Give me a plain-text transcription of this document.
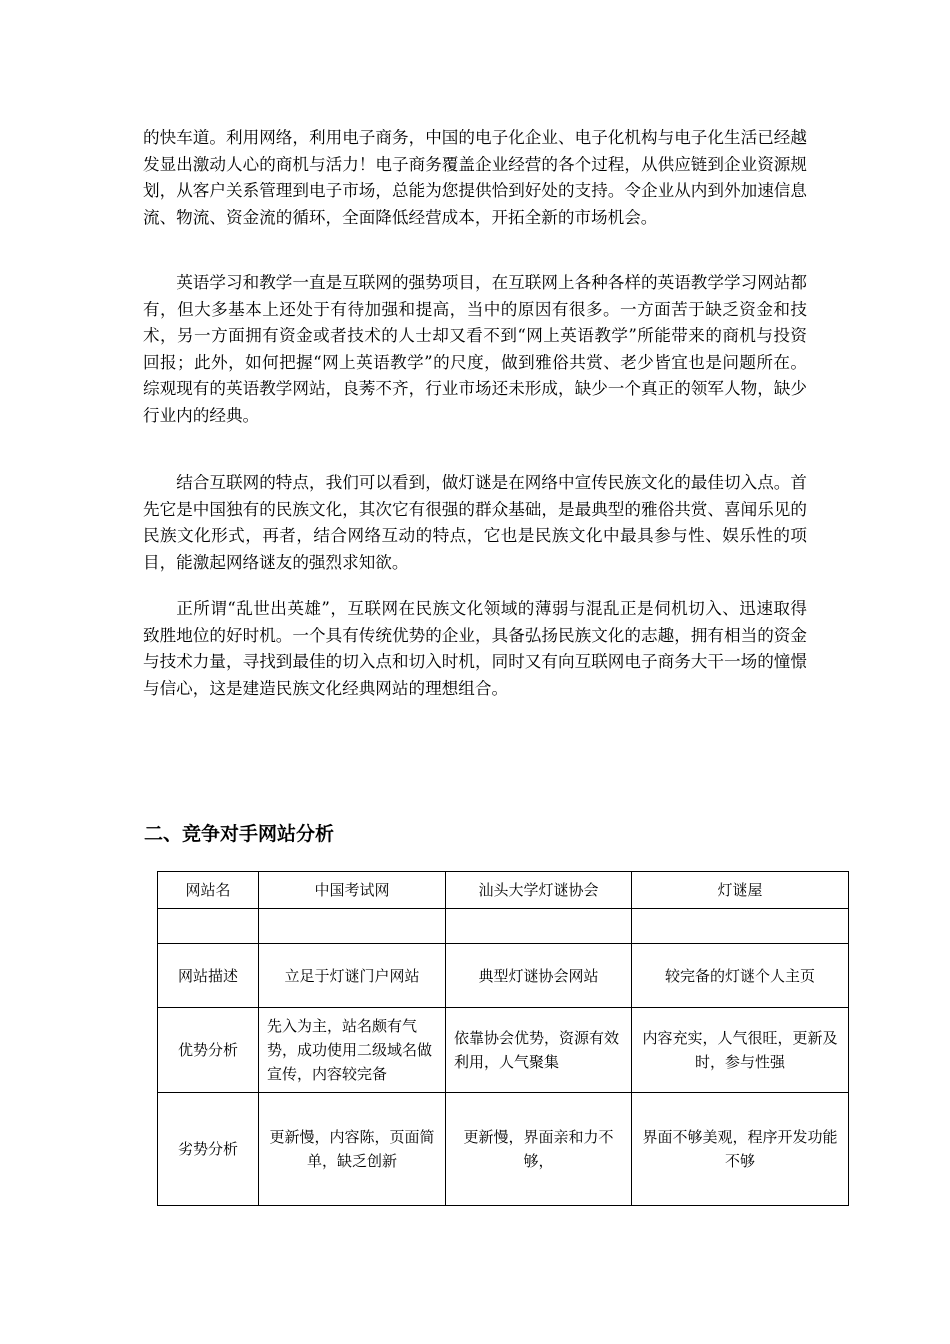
的快车道。利用网络，利用电子商务，中国的电子化企业、电子化机构与电子化生活已经越发显出激动人心的商机与活力！电子商务覆盖企业经营的各个过程，从供应链到企业资源规划，从客户关系管理到电子市场，总能为您提供恰到好处的支持。令企业从内到外加速信息流、物流、资金流的循环，全面降低经营成本，开拓全新的市场机会。

英语学习和教学一直是互联网的强势项目，在互联网上各种各样的英语教学学习网站都有，但大多基本上还处于有待加强和提高，当中的原因有很多。一方面苦于缺乏资金和技术，另一方面拥有资金或者技术的人士却又看不到“网上英语教学”所能带来的商机与投资回报；此外，如何把握“网上英语教学”的尺度，做到雅俗共赏、老少皆宜也是问题所在。综观现有的英语教学网站，良莠不齐，行业市场还未形成，缺少一个真正的领军人物，缺少行业内的经典。

结合互联网的特点，我们可以看到，做灯谜是在网络中宣传民族文化的最佳切入点。首先它是中国独有的民族文化，其次它有很强的群众基础，是最典型的雅俗共赏、喜闻乐见的民族文化形式，再者，结合网络互动的特点，它也是民族文化中最具参与性、娱乐性的项目，能激起网络谜友的强烈求知欲。

正所谓“乱世出英雄”，互联网在民族文化领域的薄弱与混乱正是伺机切入、迅速取得致胜地位的好时机。一个具有传统优势的企业，具备弘扬民族文化的志趣，拥有相当的资金与技术力量，寻找到最佳的切入点和切入时机，同时又有向互联网电子商务大干一场的憧憬与信心，这是建造民族文化经典网站的理想组合。

二、竞争对手网站分析
网站名	中国考试网	汕头大学灯谜协会	灯谜屋

网站描述	立足于灯谜门户网站	典型灯谜协会网站	较完备的灯谜个人主页
优势分析	先入为主，站名颇有气势，成功使用二级域名做宣传，内容较完备	依靠协会优势，资源有效利用，人气聚集	内容充实，人气很旺，更新及时，参与性强
劣势分析	更新慢，内容陈，页面简单，缺乏创新	更新慢，界面亲和力不够，	界面不够美观，程序开发功能不够
